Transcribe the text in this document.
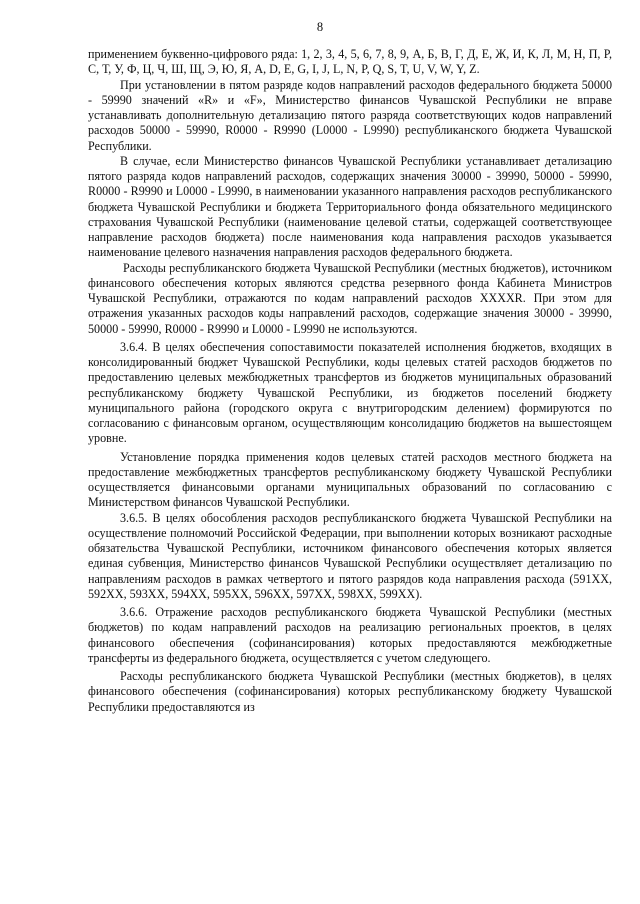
8

применением буквенно-цифрового ряда: 1, 2, 3, 4, 5, 6, 7, 8, 9, А, Б, В, Г, Д, Е, Ж, И, К, Л, М, Н, П, Р, С, Т, У, Ф, Ц, Ч, Ш, Щ, Э, Ю, Я, A, D, E, G, I, J, L, N, P, Q, S, T, U, V, W, Y, Z.

При установлении в пятом разряде кодов направлений расходов федерального бюджета 50000 - 59990 значений «R» и «F», Министерство финансов Чувашской Республики не вправе устанавливать дополнительную детализацию пятого разряда соответствующих кодов направлений расходов 50000 - 59990, R0000 - R9990 (L0000 - L9990) республиканского бюджета Чувашской Республики.

В случае, если Министерство финансов Чувашской Республики устанавливает детализацию пятого разряда кодов направлений расходов, содержащих значения 30000 - 39990, 50000 - 59990, R0000 - R9990 и L0000 - L9990, в наименовании указанного направления расходов республиканского бюджета Чувашской Республики и бюджета Территориального фонда обязательного медицинского страхования Чувашской Республики (наименование целевой статьи, содержащей соответствующее направление расходов бюджета) после наименования кода направления расходов указывается наименование целевого назначения направления расходов федерального бюджета.

Расходы республиканского бюджета Чувашской Республики (местных бюджетов), источником финансового обеспечения которых являются средства резервного фонда Кабинета Министров Чувашской Республики, отражаются по кодам направлений расходов XXXXR. При этом для отражения указанных расходов коды направлений расходов, содержащие значения 30000 - 39990, 50000 - 59990, R0000 - R9990 и L0000 - L9990 не используются.

3.6.4. В целях обеспечения сопоставимости показателей исполнения бюджетов, входящих в консолидированный бюджет Чувашской Республики, коды целевых статей расходов бюджетов по предоставлению целевых межбюджетных трансфертов из бюджетов муниципальных образований республиканскому бюджету Чувашской Республики, из бюджетов поселений бюджету муниципального района (городского округа с внутригородским делением) формируются по согласованию с финансовым органом, осуществляющим консолидацию бюджетов на вышестоящем уровне.

Установление порядка применения кодов целевых статей расходов местного бюджета на предоставление межбюджетных трансфертов республиканскому бюджету Чувашской Республики осуществляется финансовыми органами муниципальных образований по согласованию с Министерством финансов Чувашской Республики.

3.6.5. В целях обособления расходов республиканского бюджета Чувашской Республики на осуществление полномочий Российской Федерации, при выполнении которых возникают расходные обязательства Чувашской Республики, источником финансового обеспечения которых является единая субвенция, Министерство финансов Чувашской Республики осуществляет детализацию по направлениям расходов в рамках четвертого и пятого разрядов кода направления расхода (591XX, 592XX, 593XX, 594XX, 595XX, 596XX, 597XX, 598XX, 599XX).

3.6.6. Отражение расходов республиканского бюджета Чувашской Республики (местных бюджетов) по кодам направлений расходов на реализацию региональных проектов, в целях финансового обеспечения (софинансирования) которых предоставляются межбюджетные трансферты из федерального бюджета, осуществляется с учетом следующего.

Расходы республиканского бюджета Чувашской Республики (местных бюджетов), в целях финансового обеспечения (софинансирования) которых республиканскому бюджету Чувашской Республики предоставляются из
